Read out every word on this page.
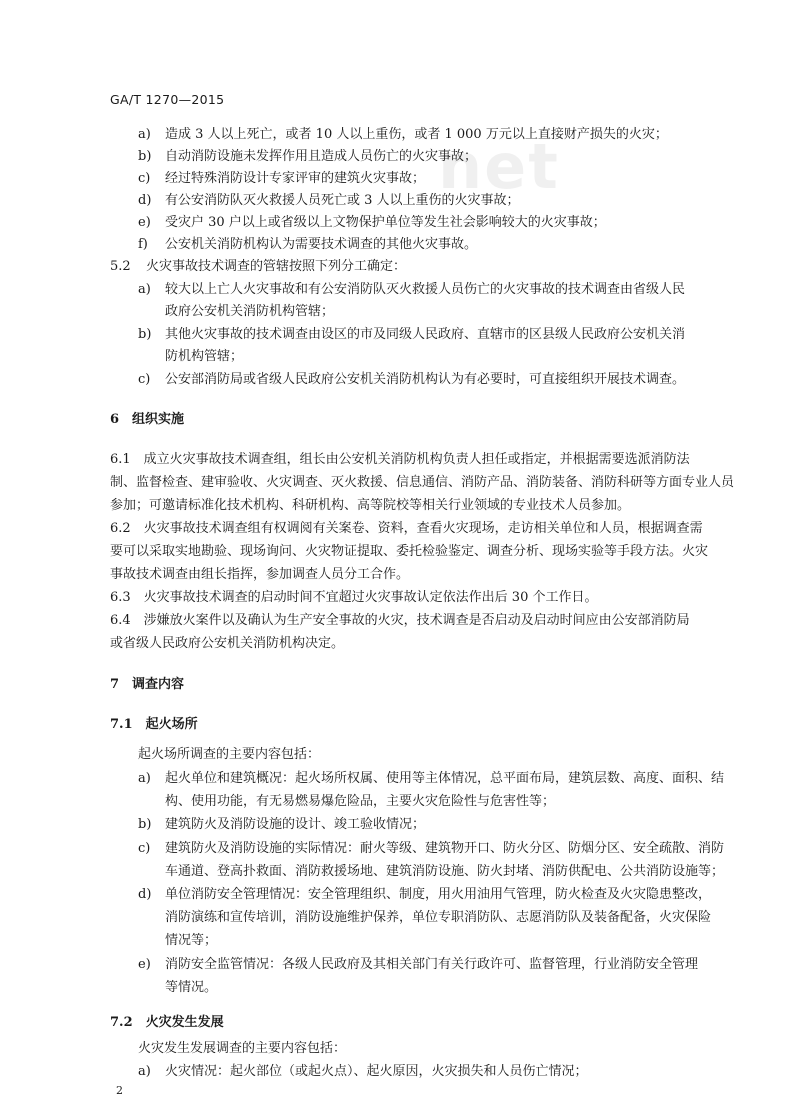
net
GA/T 1270—2015
a) 造成 3 人以上死亡，或者 10 人以上重伤，或者 1 000 万元以上直接财产损失的火灾；
b) 自动消防设施未发挥作用且造成人员伤亡的火灾事故；
c) 经过特殊消防设计专家评审的建筑火灾事故；
d) 有公安消防队灭火救援人员死亡或 3 人以上重伤的火灾事故；
e) 受灾户 30 户以上或省级以上文物保护单位等发生社会影响较大的火灾事故；
f) 公安机关消防机构认为需要技术调查的其他火灾事故。
5.2 火灾事故技术调查的管辖按照下列分工确定：
a) 较大以上亡人火灾事故和有公安消防队灭火救援人员伤亡的火灾事故的技术调查由省级人民
政府公安机关消防机构管辖；
b) 其他火灾事故的技术调查由设区的市及同级人民政府、直辖市的区县级人民政府公安机关消
防机构管辖；
c) 公安部消防局或省级人民政府公安机关消防机构认为有必要时，可直接组织开展技术调查。
6　组织实施
6.1　成立火灾事故技术调查组，组长由公安机关消防机构负责人担任或指定，并根据需要选派消防法
制、监督检查、建审验收、火灾调查、灭火救援、信息通信、消防产品、消防装备、消防科研等方面专业人员
参加；可邀请标准化技术机构、科研机构、高等院校等相关行业领域的专业技术人员参加。
6.2　火灾事故技术调查组有权调阅有关案卷、资料，查看火灾现场，走访相关单位和人员，根据调查需
要可以采取实地勘验、现场询问、火灾物证提取、委托检验鉴定、调查分析、现场实验等手段方法。火灾
事故技术调查由组长指挥，参加调查人员分工合作。
6.3　火灾事故技术调查的启动时间不宜超过火灾事故认定依法作出后 30 个工作日。
6.4　涉嫌放火案件以及确认为生产安全事故的火灾，技术调查是否启动及启动时间应由公安部消防局
或省级人民政府公安机关消防机构决定。
7　调查内容
7.1　起火场所
起火场所调查的主要内容包括：
a) 起火单位和建筑概况：起火场所权属、使用等主体情况，总平面布局，建筑层数、高度、面积、结
构、使用功能，有无易燃易爆危险品，主要火灾危险性与危害性等；
b) 建筑防火及消防设施的设计、竣工验收情况；
c) 建筑防火及消防设施的实际情况：耐火等级、建筑物开口、防火分区、防烟分区、安全疏散、消防
车通道、登高扑救面、消防救援场地、建筑消防设施、防火封堵、消防供配电、公共消防设施等；
d) 单位消防安全管理情况：安全管理组织、制度，用火用油用气管理，防火检查及火灾隐患整改，
消防演练和宣传培训，消防设施维护保养，单位专职消防队、志愿消防队及装备配备，火灾保险
情况等；
e) 消防安全监管情况：各级人民政府及其相关部门有关行政许可、监督管理，行业消防安全管理
等情况。
7.2　火灾发生发展
火灾发生发展调查的主要内容包括：
a) 火灾情况：起火部位（或起火点）、起火原因，火灾损失和人员伤亡情况；
2
